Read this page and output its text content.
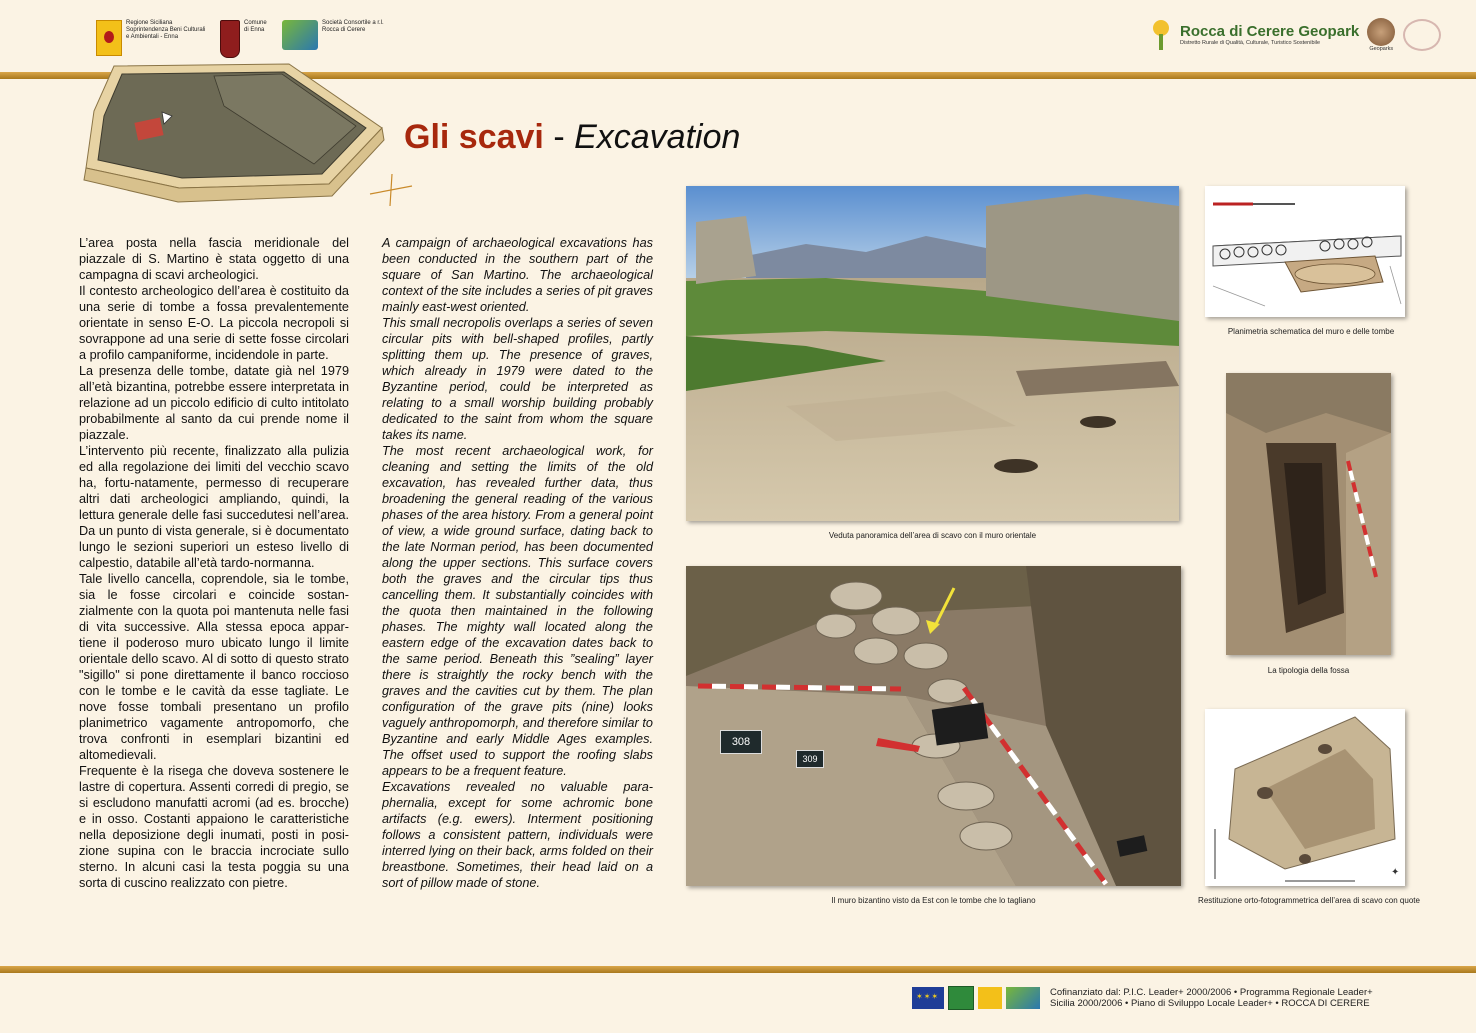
Regione Siciliana
Soprintendenza Beni Culturali
e Ambientali - Enna
Comune
di Enna
Società Consortile a r.l.
Rocca di Cerere	Rocca di Cerere Geopark
Distretto Rurale di Qualità, Culturale, Turistico Sostenibile
Geoparks
Gli scavi - Excavation

L’area posta nella fascia meridionale del piazzale di S. Martino è stata oggetto di una campagna di scavi archeologici.

Il contesto archeologico dell’area è costituito da una serie di tombe a fossa prevalentemente orientate in senso E-O. La piccola necropoli si sovrappone ad una serie di sette fosse circolari a profilo campaniforme, incidendole in parte.

La presenza delle tombe, datate già nel 1979 all’età bizantina, potrebbe essere interpretata in relazione ad un piccolo edificio di culto intitolato probabilmente al santo da cui prende nome il piazzale.

L’intervento più recente, finalizzato alla pulizia ed alla regolazione dei limiti del vecchio scavo ha, fortu-natamente, permesso di recuperare altri dati archeologici ampliando, quindi, la lettura generale delle fasi succedutesi nell’area. Da un punto di vista generale, si è documentato lungo le sezioni superiori un esteso livello di calpestio, databile all’età tardo-normanna.

Tale livello cancella, coprendole, sia le tombe, sia le fosse circolari e coincide sostan-zialmente con la quota poi mantenuta nelle fasi di vita successive. Alla stessa epoca appar-tiene il poderoso muro ubicato lungo il limite orientale dello scavo. Al di sotto di questo strato "sigillo" si pone direttamente il banco roccioso con le tombe e le cavità da esse tagliate. Le nove fosse tombali presentano un profilo planimetrico vagamente antropomorfo, che trova confronti in esemplari bizantini ed altomedievali.

Frequente è la risega che doveva sostenere le lastre di copertura. Assenti corredi di pregio, se si escludono manufatti acromi (ad es. brocche) e in osso. Costanti appaiono le caratteristiche nella deposizione degli inumati, posti in posi-zione supina con le braccia incrociate sullo sterno. In alcuni casi la testa poggia su una sorta di cuscino realizzato con pietre.

A campaign of archaeological excavations has been conducted in the southern part of the square of San Martino. The archaeological context of the site includes a series of pit graves mainly east-west oriented.

This small necropolis overlaps a series of seven circular pits with bell-shaped profiles, partly splitting them up. The presence of graves, which already in 1979 were dated to the Byzantine period, could be interpreted as relating to a small worship building probably dedicated to the saint from whom the square takes its name.

The most recent archaeological work, for cleaning and setting the limits of the old excavation, has revealed further data, thus broadening the general reading of the various phases of the area history. From a general point of view, a wide ground surface, dating back to the late Norman period, has been documented along the upper sections. This surface covers both the graves and the circular tips thus cancelling them. It substantially coincides with the quota then maintained in the following phases. The mighty wall located along the eastern edge of the excavation dates back to the same period. Beneath this ”sealing” layer there is straightly the rocky bench with the graves and the cavities cut by them. The plan configuration of the grave pits (nine) looks vaguely anthropomorph, and therefore similar to Byzantine and early Middle Ages examples. The offset used to support the roofing slabs appears to be a frequent feature.

Excavations revealed no valuable para-phernalia, except for some achromic bone artifacts (e.g. ewers). Interment positioning follows a consistent pattern, individuals were interred lying on their back, arms folded on their breastbone. Sometimes, their head laid on a sort of pillow made of stone.

Veduta panoramica dell’area di scavo con il muro orientale
308
309
Il muro bizantino visto da Est con le tombe che lo tagliano
Planimetria schematica del muro e delle tombe
La tipologia della fossa
✦
Restituzione orto-fotogrammetrica dell’area di scavo con quote
✶✶✶
Cofinanziato dal: P.I.C. Leader+ 2000/2006 • Programma Regionale Leader+
Sicilia 2000/2006 • Piano di Sviluppo Locale Leader+ • ROCCA DI CERERE
